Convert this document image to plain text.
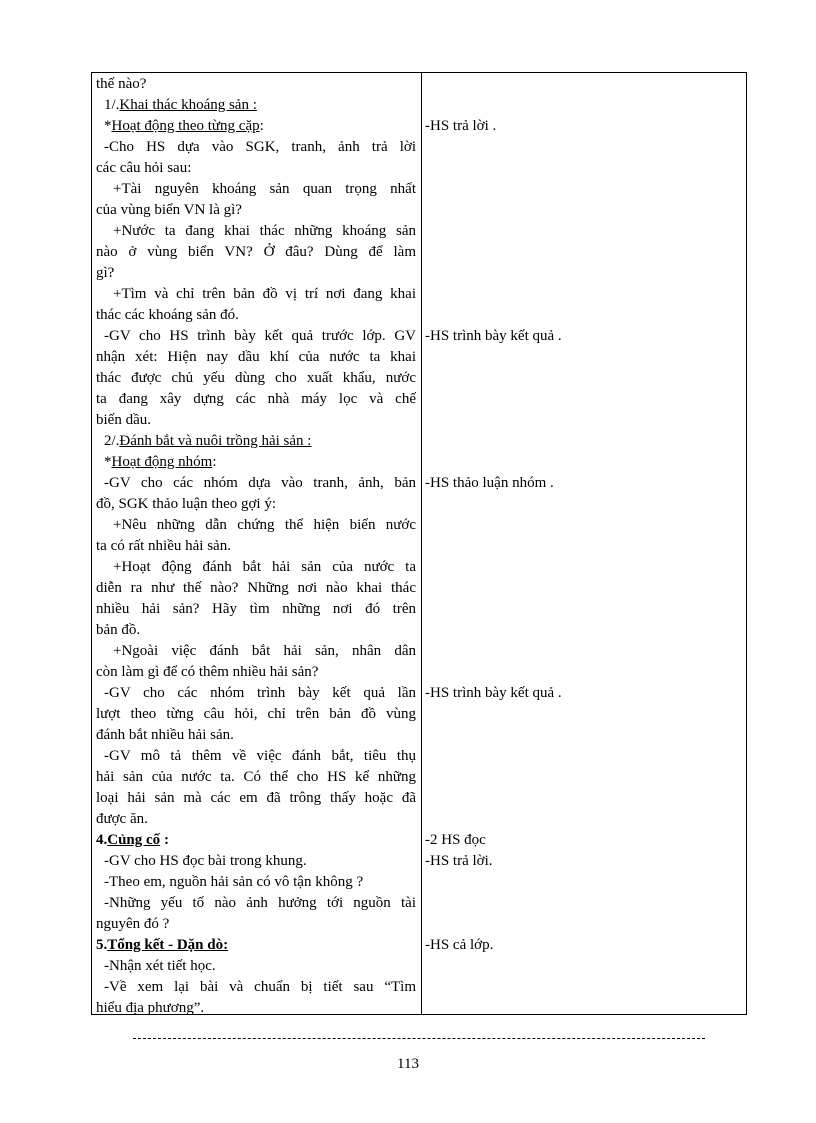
thế nào?
1/.Khai thác khoáng sản :
*Hoạt động theo từng cặp:
-Cho HS dựa vào SGK, tranh, ảnh trả lời
các câu hỏi sau:
+Tài nguyên khoáng sản quan trọng nhất
của vùng biển VN là gì?
+Nước ta đang khai thác những khoáng sản
nào ở vùng biển VN? Ở đâu? Dùng để làm
gì?
+Tìm và chỉ trên bản đồ vị trí nơi đang khai
thác các khoáng sản đó.
-GV cho HS trình bày kết quả trước lớp. GV
nhận xét: Hiện nay dầu khí của nước ta khai
thác được chủ yếu dùng cho xuất khẩu, nước
ta đang xây dựng các nhà máy lọc và chế
biến dầu.
2/.Đánh bắt và nuôi trồng hải sản :
*Hoạt động nhóm:
-GV cho các nhóm dựa vào tranh, ảnh, bản
đồ, SGK thảo luận theo gợi ý:
+Nêu những dẫn chứng thể hiện biển nước
ta có rất nhiều hải sản.
+Hoạt động đánh bắt hải sản của nước ta
diễn ra như thế nào? Những nơi nào khai thác
nhiều hải sản? Hãy tìm những nơi đó trên
bản đồ.
+Ngoài việc đánh bắt hải sản, nhân dân
còn làm gì để có thêm nhiều hải sản?
-GV cho các nhóm trình bày kết quả lần
lượt theo từng câu hỏi, chỉ trên bản đồ vùng
đánh bắt nhiều hải sản.
-GV mô tả thêm về việc đánh bắt, tiêu thụ
hải sản của nước ta. Có thể cho HS kể những
loại hải sản mà các em đã trông thấy hoặc đã
được ăn.
4.Củng cố :
-GV cho HS đọc bài trong khung.
-Theo em, nguồn hải sản có vô tận không ?
-Những yếu tố nào ảnh hưởng tới nguồn tài
nguyên đó ?
5.Tổng kết - Dặn dò:
-Nhận xét tiết học.
-Về xem lại bài và chuẩn bị tiết sau “Tìm
hiểu địa phương”.
-HS trả lời .
-HS trình bày kết quả .
-HS thảo luận nhóm .
-HS trình bày kết quả .
-2 HS đọc
-HS trả lời.
-HS cả lớp.
113
